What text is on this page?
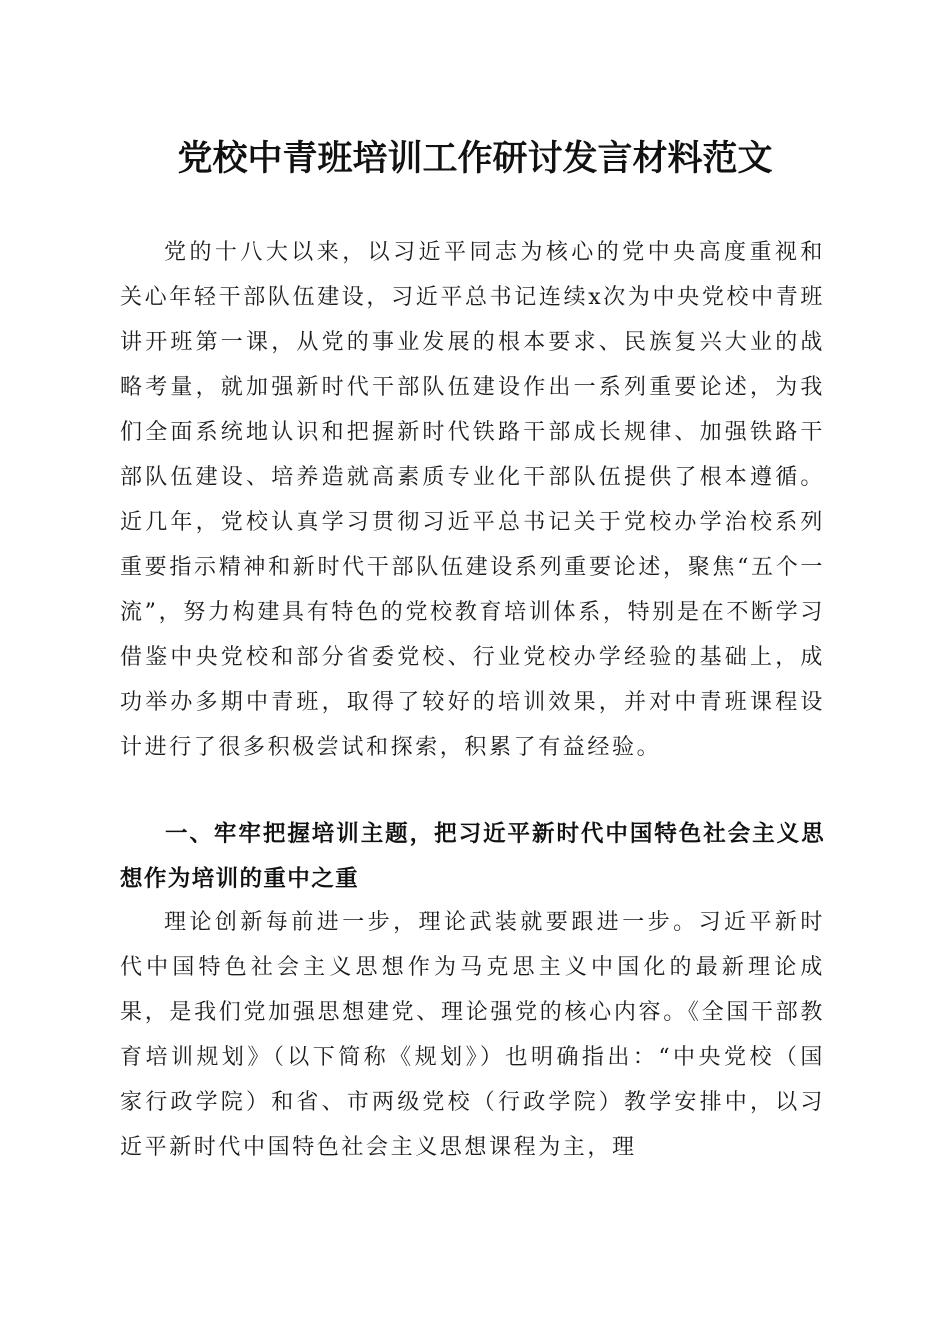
党校中青班培训工作研讨发言材料范文

党的十八大以来，以习近平同志为核心的党中央高度重视和关心年轻干部队伍建设，习近平总书记连续x次为中央党校中青班讲开班第一课，从党的事业发展的根本要求、民族复兴大业的战略考量，就加强新时代干部队伍建设作出一系列重要论述，为我们全面系统地认识和把握新时代铁路干部成长规律、加强铁路干部队伍建设、培养造就高素质专业化干部队伍提供了根本遵循。近几年，党校认真学习贯彻习近平总书记关于党校办学治校系列重要指示精神和新时代干部队伍建设系列重要论述，聚焦“五个一流”，努力构建具有特色的党校教育培训体系，特别是在不断学习借鉴中央党校和部分省委党校、行业党校办学经验的基础上，成功举办多期中青班，取得了较好的培训效果，并对中青班课程设计进行了很多积极尝试和探索，积累了有益经验。

一、牢牢把握培训主题，把习近平新时代中国特色社会主义思想作为培训的重中之重

理论创新每前进一步，理论武装就要跟进一步。习近平新时代中国特色社会主义思想作为马克思主义中国化的最新理论成果，是我们党加强思想建党、理论强党的核心内容。《全国干部教育培训规划》（以下简称《规划》）也明确指出：“中央党校（国家行政学院）和省、市两级党校（行政学院）教学安排中，以习近平新时代中国特色社会主义思想课程为主，理
